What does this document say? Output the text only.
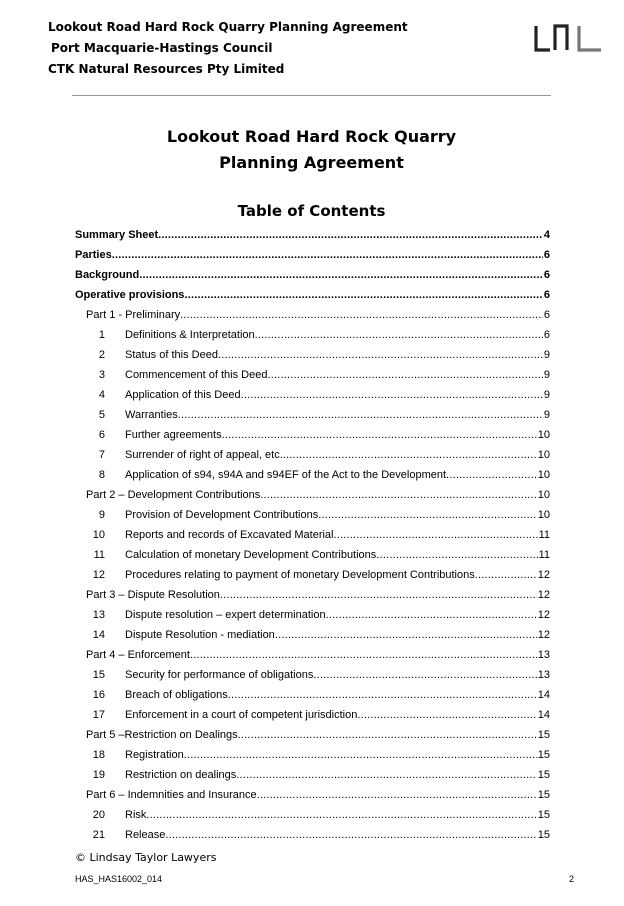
Lookout Road Hard Rock Quarry Planning Agreement
Port Macquarie-Hastings Council
CTK Natural Resources Pty Limited
Lookout Road Hard Rock Quarry
Planning Agreement
Table of Contents
Summary Sheet .....	4
Parties .....	6
Background .....	6
Operative provisions .....	6
Part 1 - Preliminary .....	6
1 Definitions & Interpretation .....	6
2 Status of this Deed .....	9
3 Commencement of this Deed .....	9
4 Application of this Deed .....	9
5 Warranties .....	9
6 Further agreements .....	10
7 Surrender of right of appeal, etc. .....	10
8 Application of s94, s94A and s94EF of the Act to the Development .....	10
Part 2 – Development Contributions .....	10
9 Provision of Development Contributions .....	10
10 Reports and records of Excavated Material .....	11
11 Calculation of monetary Development Contributions .....	11
12 Procedures relating to payment of monetary Development Contributions .....	12
Part 3 – Dispute Resolution .....	12
13 Dispute resolution – expert determination .....	12
14 Dispute Resolution - mediation .....	12
Part 4 – Enforcement .....	13
15 Security for performance of obligations .....	13
16 Breach of obligations .....	14
17 Enforcement in a court of competent jurisdiction .....	14
Part 5 –Restriction on Dealings .....	15
18 Registration .....	15
19 Restriction on dealings .....	15
Part 6 – Indemnities and Insurance .....	15
20 Risk .....	15
21 Release .....	15
© Lindsay Taylor Lawyers
HAS_HAS16002_014	2
